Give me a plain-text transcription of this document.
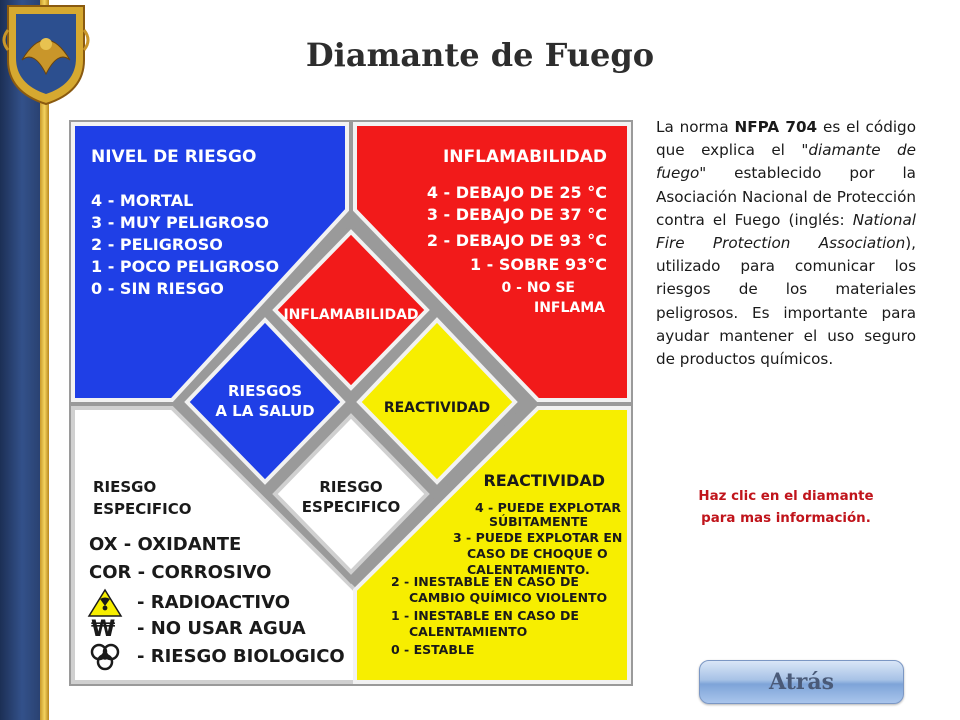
Diamante de Fuego
NIVEL DE RIESGO
4 - MORTAL
3 - MUY PELIGROSO
2 - PELIGROSO
1 - POCO PELIGROSO
0 - SIN RIESGO
INFLAMABILIDAD
4 - DEBAJO DE 25 °C
3 - DEBAJO DE 37 °C
2 - DEBAJO DE 93 °C
1 - SOBRE 93°C
0 - NO SE
INFLAMA
RIESGO
ESPECIFICO
OX - OXIDANTE
COR - CORROSIVO
- RADIOACTIVO
- NO USAR AGUA
- RIESGO BIOLOGICO
₩
REACTIVIDAD
4 - PUEDE EXPLOTAR
SÚBITAMENTE
3 - PUEDE EXPLOTAR EN
CASO DE CHOQUE O
CALENTAMIENTO.
2 - INESTABLE EN CASO DE
CAMBIO QUÍMICO VIOLENTO
1 - INESTABLE EN CASO DE
CALENTAMIENTO
0 - ESTABLE
INFLAMABILIDAD
RIESGOS
A LA SALUD	REACTIVIDAD
RIESGO
ESPECIFICO
La norma NFPA 704 es el código que explica el "diamante de fuego" establecido por la Asociación Nacional de Protección contra el Fuego (inglés: National Fire Protection Association), utilizado para comunicar los riesgos de los materiales peligrosos. Es importante para ayudar mantener el uso seguro de productos químicos.
Haz clic en el diamante
para mas información.
Atrás
